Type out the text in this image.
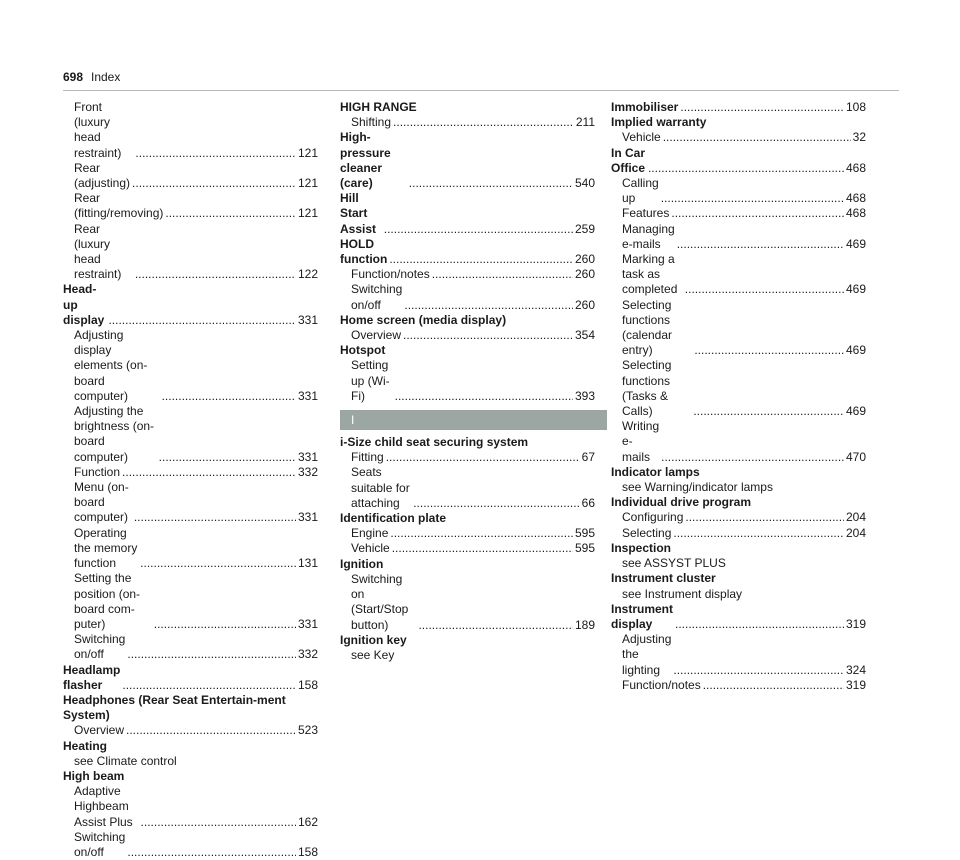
698 Index
Front (luxury head restraint) .....	121
Rear (adjusting) .....	121
Rear (fitting/removing) .....	121
Rear (luxury head restraint) .....	122
Head-up display .....	331
Adjusting display elements (on-board computer) .....	331
Adjusting the brightness (on-board computer) .....	331
Function .....	332
Menu (on-board computer) .....	331
Operating the memory function .....	131
Setting the position (on-board com-puter) .....	331
Switching on/off .....	332
Headlamp flasher .....	158
Headphones (Rear Seat Entertain-ment System)
Overview .....	523
Heating
see Climate control
High beam
Adaptive Highbeam Assist Plus .....	162
Switching on/off .....	158
HIGH RANGE
Shifting .....	211
High-pressure cleaner (care) .....	540
Hill Start Assist .....	259
HOLD function .....	260
Function/notes .....	260
Switching on/off .....	260
Home screen (media display)
Overview .....	354
Hotspot
Setting up (Wi-Fi) .....	393
I
i-Size child seat securing system
Fitting .....	67
Seats suitable for attaching .....	66
Identification plate
Engine .....	595
Vehicle .....	595
Ignition
Switching on (Start/Stop button) .....	189
Ignition key
see Key
Immobiliser .....	108
Implied warranty
Vehicle .....	32
In Car Office .....	468
Calling up .....	468
Features .....	468
Managing e-mails .....	469
Marking a task as completed .....	469
Selecting functions (calendar entry) .....	469
Selecting functions (Tasks & Calls) .....	469
Writing e-mails .....	470
Indicator lamps
see Warning/indicator lamps
Individual drive program
Configuring .....	204
Selecting .....	204
Inspection
see ASSYST PLUS
Instrument cluster
see Instrument display
Instrument display .....	319
Adjusting the lighting .....	324
Function/notes .....	319
